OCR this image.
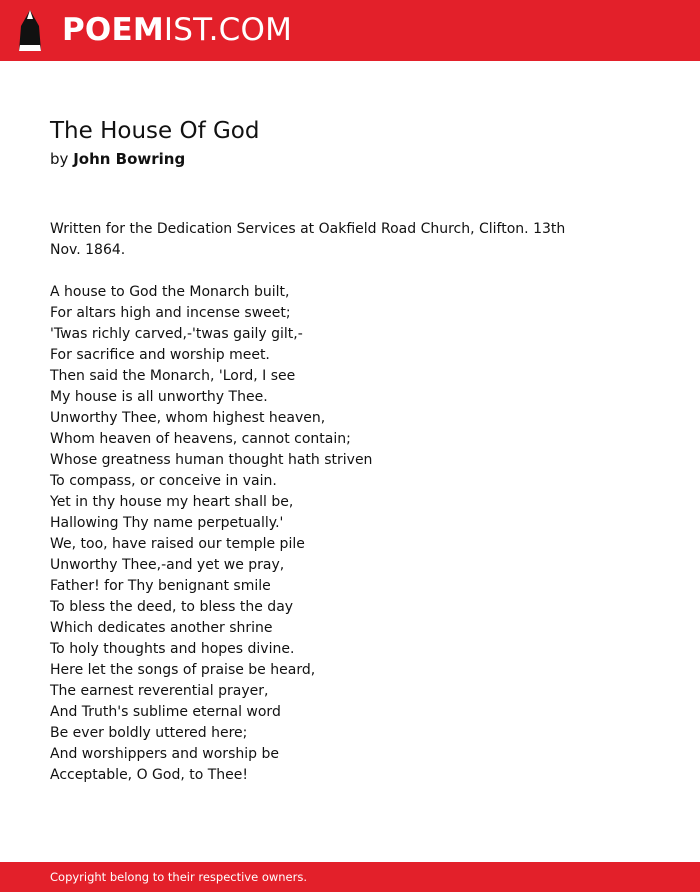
POEMIST.COM
The House Of God
by John Bowring

Written for the Dedication Services at Oakfield Road Church, Clifton. 13th Nov. 1864.

A house to God the Monarch built,
For altars high and incense sweet;
'Twas richly carved,-'twas gaily gilt,-
For sacrifice and worship meet.
Then said the Monarch, 'Lord, I see
My house is all unworthy Thee.
Unworthy Thee, whom highest heaven,
Whom heaven of heavens, cannot contain;
Whose greatness human thought hath striven
To compass, or conceive in vain.
Yet in thy house my heart shall be,
Hallowing Thy name perpetually.'
We, too, have raised our temple pile
Unworthy Thee,-and yet we pray,
Father! for Thy benignant smile
To bless the deed, to bless the day
Which dedicates another shrine
To holy thoughts and hopes divine.
Here let the songs of praise be heard,
The earnest reverential prayer,
And Truth's sublime eternal word
Be ever boldly uttered here;
And worshippers and worship be
Acceptable, O God, to Thee!
Copyright belong to their respective owners.
